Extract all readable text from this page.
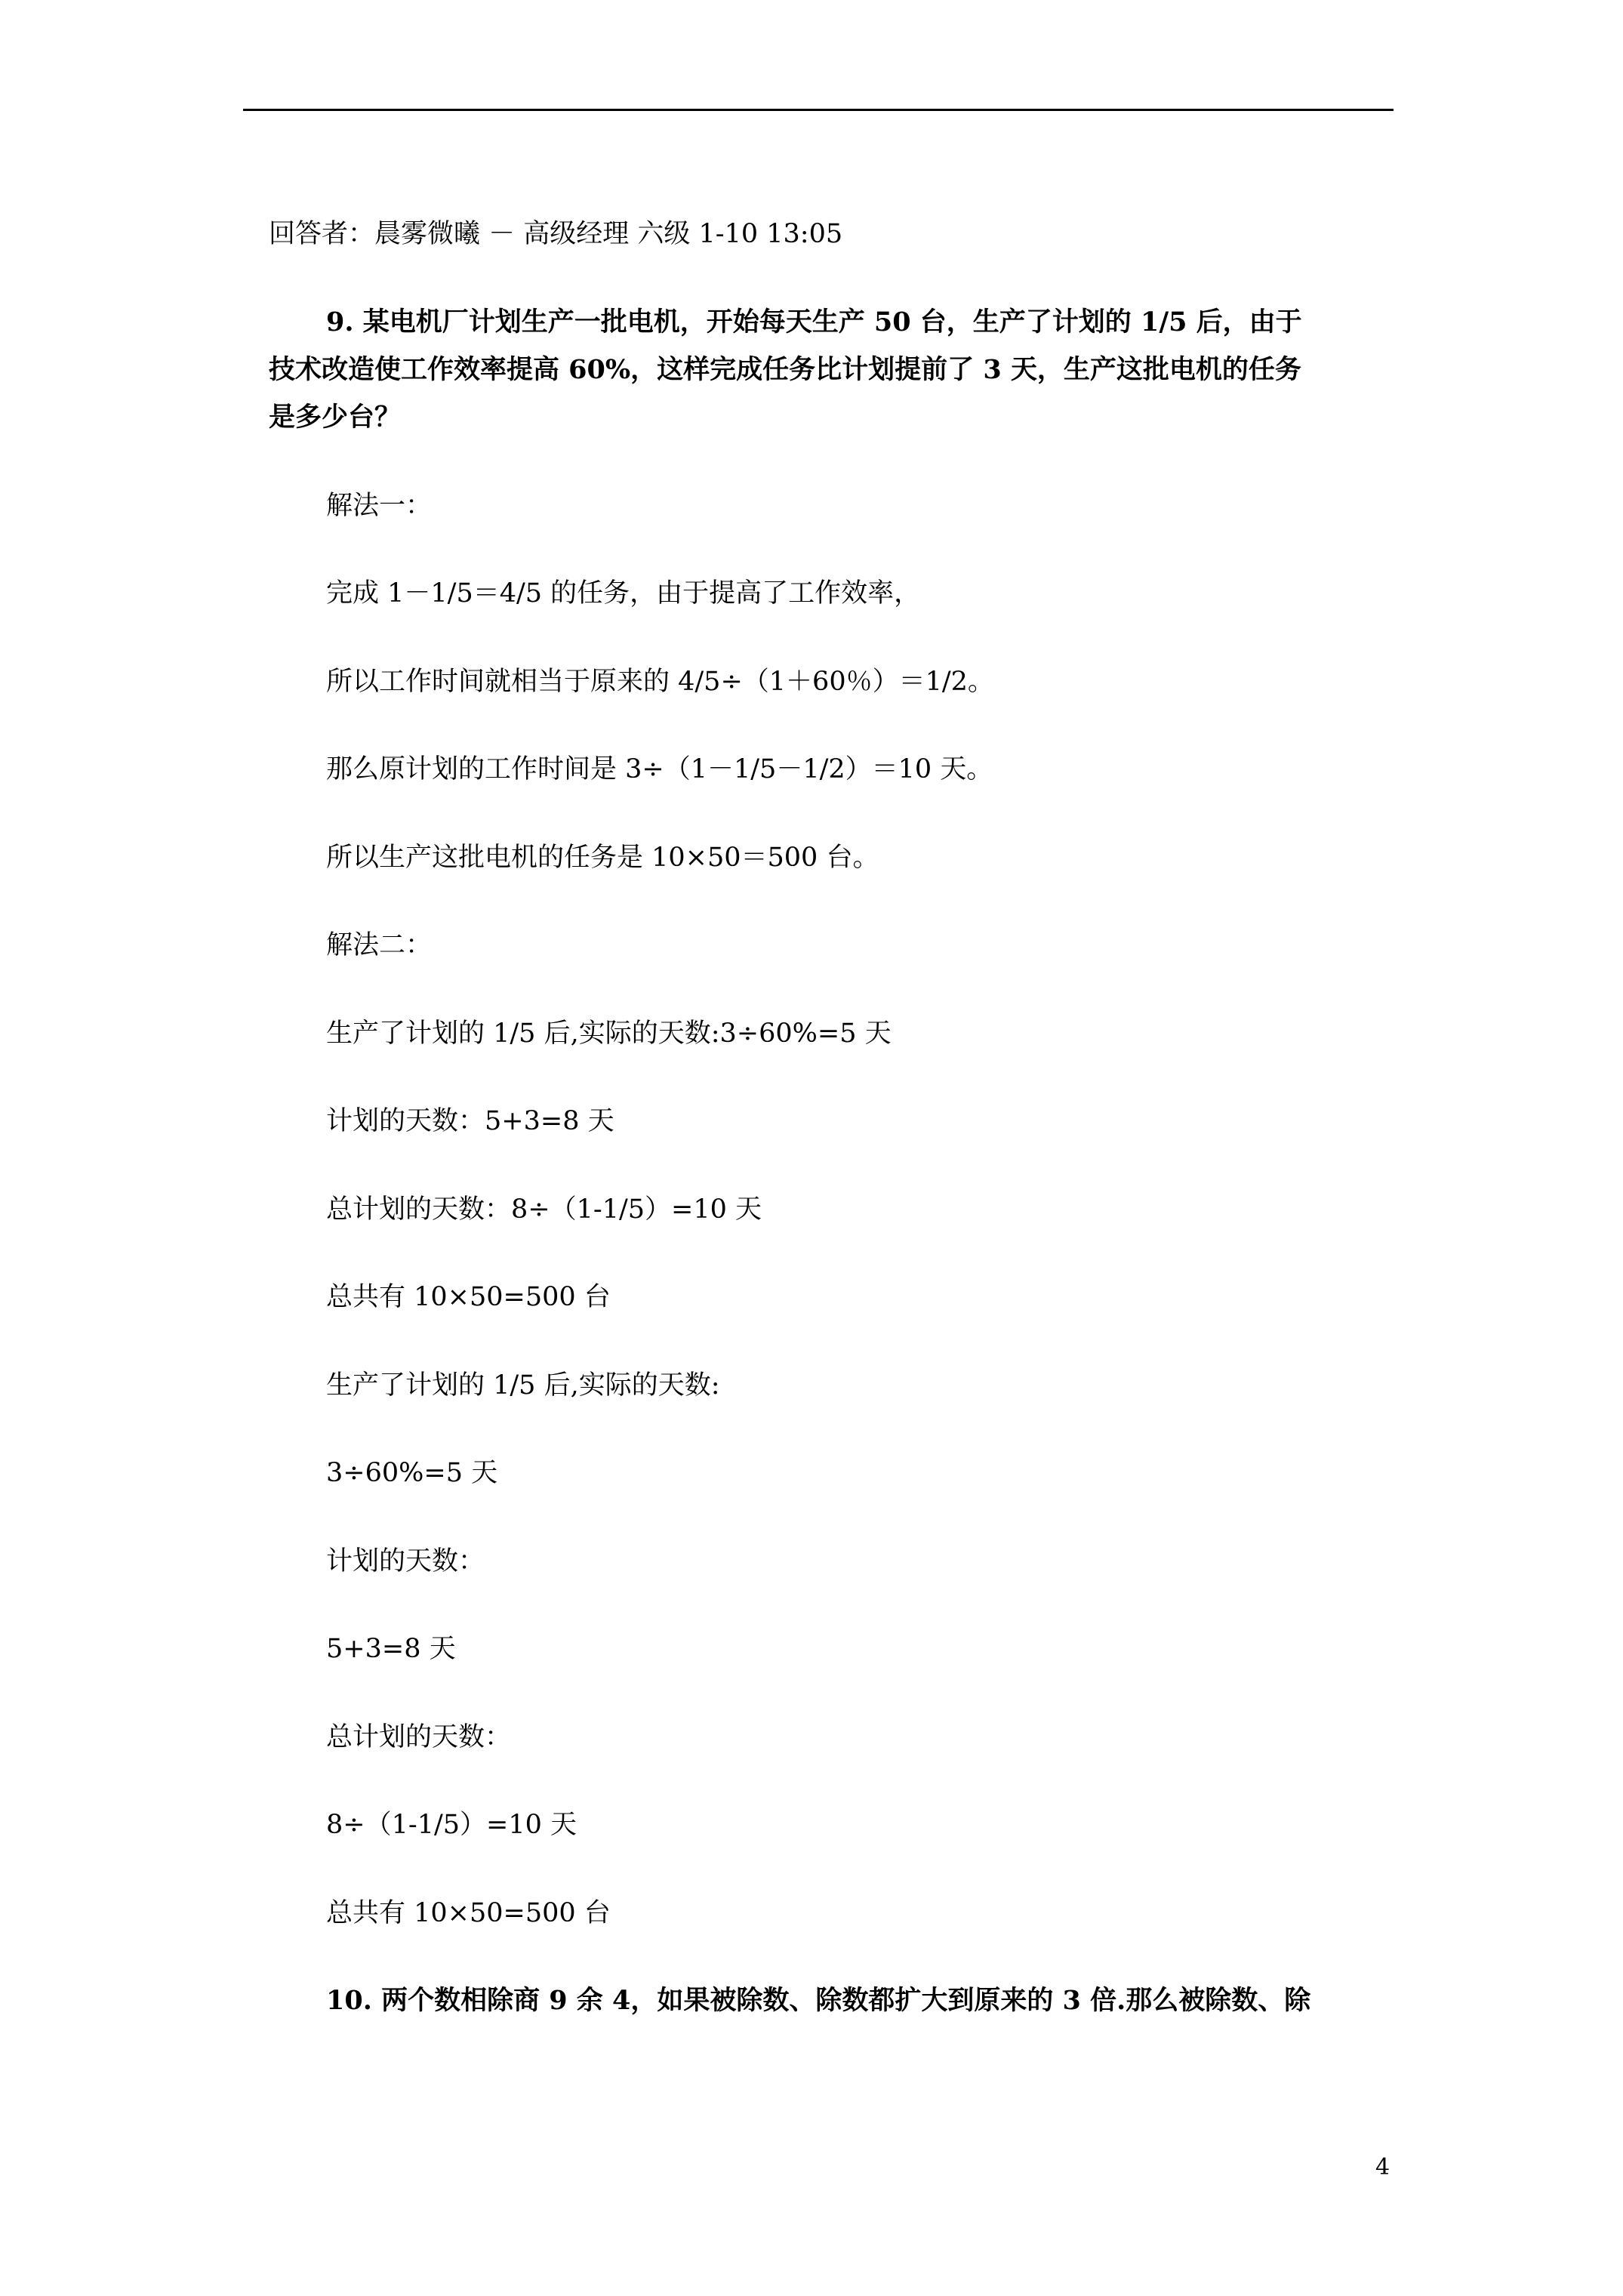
回答者：晨雾微曦 － 高级经理 六级 1-10 13:05
9. 某电机厂计划生产一批电机，开始每天生产 50 台，生产了计划的 1/5 后，由于
技术改造使工作效率提高 60%，这样完成任务比计划提前了 3 天，生产这批电机的任务
是多少台？
解法一：
完成 1－1/5＝4/5 的任务，由于提高了工作效率，
所以工作时间就相当于原来的 4/5÷（1＋60％）＝1/2。
那么原计划的工作时间是 3÷（1－1/5－1/2）＝10 天。
所以生产这批电机的任务是 10×50＝500 台。
解法二：
生产了计划的 1/5 后,实际的天数:3÷60%=5 天
计划的天数：5+3=8 天
总计划的天数：8÷（1-1/5）=10 天
总共有 10×50=500 台
生产了计划的 1/5 后,实际的天数:
3÷60%=5 天
计划的天数：
5+3=8 天
总计划的天数：
8÷（1-1/5）=10 天
总共有 10×50=500 台
10. 两个数相除商 9 余 4，如果被除数、除数都扩大到原来的 3 倍.那么被除数、除
4
